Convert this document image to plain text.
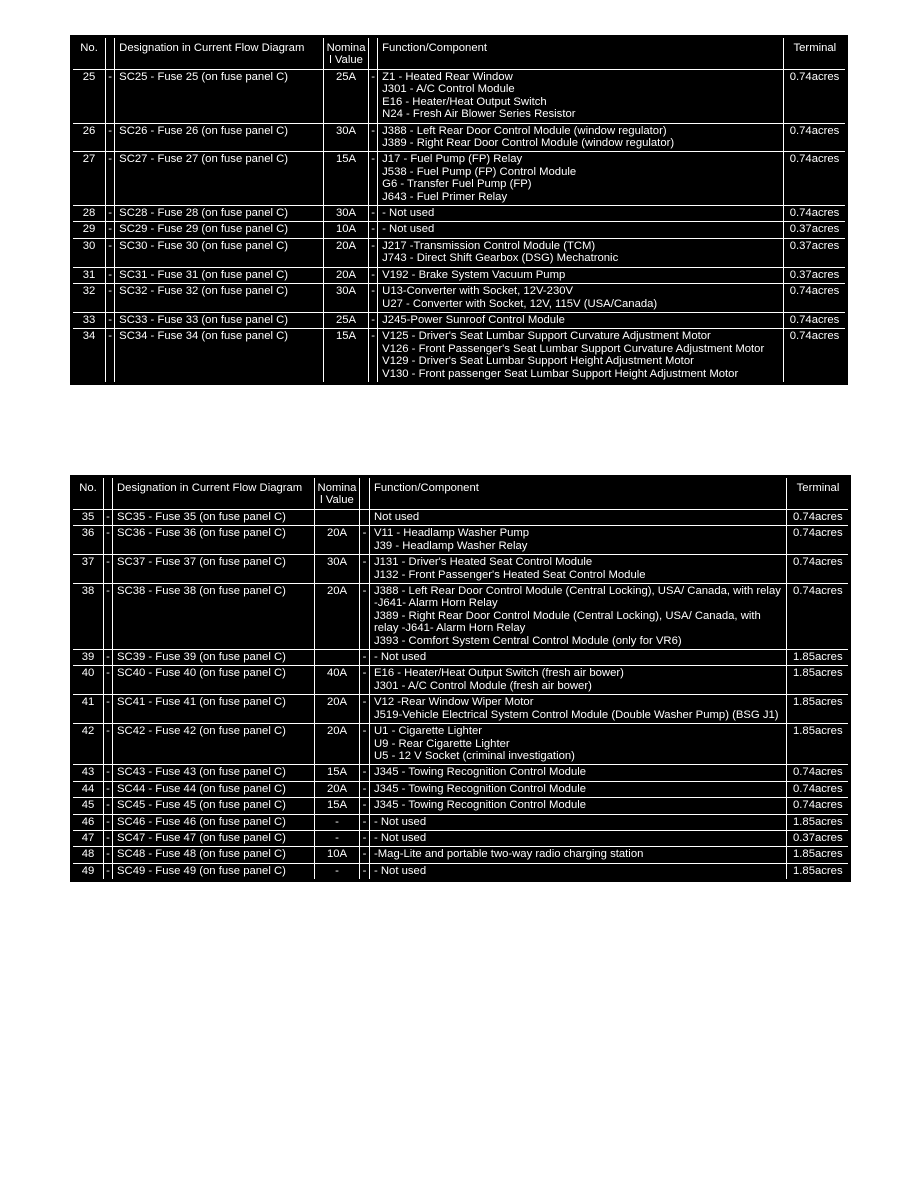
No.		Designation in Current Flow Diagram	Nomina
l Value		Function/Component	Terminal
25	-	SC25 - Fuse 25 (on fuse panel C)	25A	-	Z1 - Heated Rear Window
J301 - A/C Control Module
E16 - Heater/Heat Output Switch
N24 - Fresh Air Blower Series Resistor	0.74acres
26	-	SC26 - Fuse 26 (on fuse panel C)	30A	-	J388 - Left Rear Door Control Module (window regulator)
J389 - Right Rear Door Control Module (window regulator)	0.74acres
27	-	SC27 - Fuse 27 (on fuse panel C)	15A	-	J17 - Fuel Pump (FP) Relay
J538 - Fuel Pump (FP) Control Module
G6 - Transfer Fuel Pump (FP)
J643 - Fuel Primer Relay	0.74acres
28	-	SC28 - Fuse 28 (on fuse panel C)	30A	-	- Not used	0.74acres
29	-	SC29 - Fuse 29 (on fuse panel C)	10A	-	- Not used	0.37acres
30	-	SC30 - Fuse 30 (on fuse panel C)	20A	-	J217 -Transmission Control Module (TCM)
J743 - Direct Shift Gearbox (DSG) Mechatronic	0.37acres
31	-	SC31 - Fuse 31 (on fuse panel C)	20A	-	V192 - Brake System Vacuum Pump	0.37acres
32	-	SC32 - Fuse 32 (on fuse panel C)	30A	-	U13-Converter with Socket, 12V-230V
U27 - Converter with Socket, 12V, 115V (USA/Canada)	0.74acres
33	-	SC33 - Fuse 33 (on fuse panel C)	25A	-	J245-Power Sunroof Control Module	0.74acres
34	-	SC34 - Fuse 34 (on fuse panel C)	15A	-	V125 - Driver's Seat Lumbar Support Curvature Adjustment Motor
V126 - Front Passenger's Seat Lumbar Support Curvature Adjustment Motor
V129 - Driver's Seat Lumbar Support Height Adjustment Motor
V130 - Front passenger Seat Lumbar Support Height Adjustment Motor	0.74acres
No.		Designation in Current Flow Diagram	Nomina
l Value		Function/Component	Terminal
35	-	SC35 - Fuse 35 (on fuse panel C)			Not used	0.74acres
36	-	SC36 - Fuse 36 (on fuse panel C)	20A	-	V11 - Headlamp Washer Pump
J39 - Headlamp Washer Relay	0.74acres
37	-	SC37 - Fuse 37 (on fuse panel C)	30A	-	J131 - Driver's Heated Seat Control Module
J132 - Front Passenger's Heated Seat Control Module	0.74acres
38	-	SC38 - Fuse 38 (on fuse panel C)	20A	-	J388 - Left Rear Door Control Module (Central Locking), USA/ Canada, with relay -J641- Alarm Horn Relay
J389 - Right Rear Door Control Module (Central Locking), USA/ Canada, with relay -J641- Alarm Horn Relay
J393 - Comfort System Central Control Module (only for VR6)	0.74acres
39	-	SC39 - Fuse 39 (on fuse panel C)		-	- Not used	1.85acres
40	-	SC40 - Fuse 40 (on fuse panel C)	40A	-	E16 - Heater/Heat Output Switch (fresh air bower)
J301 - A/C Control Module (fresh air bower)	1.85acres
41	-	SC41 - Fuse 41 (on fuse panel C)	20A	-	V12 -Rear Window Wiper Motor
J519-Vehicle Electrical System Control Module (Double Washer Pump) (BSG J1)	1.85acres
42	-	SC42 - Fuse 42 (on fuse panel C)	20A	-	U1 - Cigarette Lighter
U9 - Rear Cigarette Lighter
U5 - 12 V Socket (criminal investigation)	1.85acres
43	-	SC43 - Fuse 43 (on fuse panel C)	15A	-	J345 - Towing Recognition Control Module	0.74acres
44	-	SC44 - Fuse 44 (on fuse panel C)	20A	-	J345 - Towing Recognition Control Module	0.74acres
45	-	SC45 - Fuse 45 (on fuse panel C)	15A	-	J345 - Towing Recognition Control Module	0.74acres
46	-	SC46 - Fuse 46 (on fuse panel C)	-	-	- Not used	1.85acres
47	-	SC47 - Fuse 47 (on fuse panel C)	-	-	- Not used	0.37acres
48	-	SC48 - Fuse 48 (on fuse panel C)	10A	-	-Mag-Lite and portable two-way radio charging station	1.85acres
49	-	SC49 - Fuse 49 (on fuse panel C)	-	-	- Not used	1.85acres
